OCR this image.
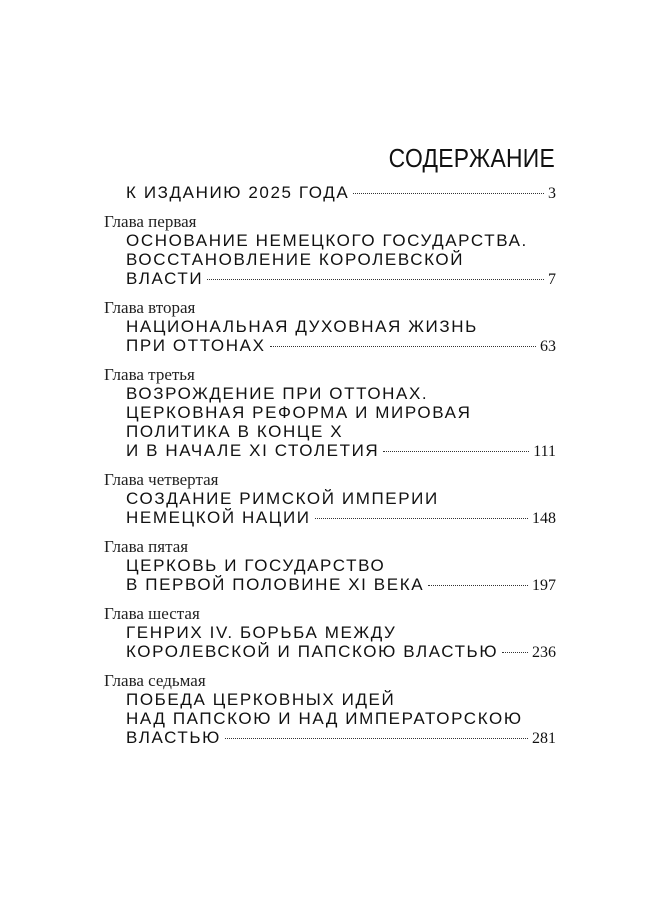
СОДЕРЖАНИЕ
К ИЗДАНИЮ 2025 ГОДА	3
Глава первая
ОСНОВАНИЕ НЕМЕЦКОГО ГОСУДАРСТВА.
ВОССТАНОВЛЕНИЕ КОРОЛЕВСКОЙ
ВЛАСТИ	7
Глава вторая
НАЦИОНАЛЬНАЯ ДУХОВНАЯ ЖИЗНЬ
ПРИ ОТТОНАХ	63
Глава третья
ВОЗРОЖДЕНИЕ ПРИ ОТТОНАХ.
ЦЕРКОВНАЯ РЕФОРМА И МИРОВАЯ
ПОЛИТИКА В КОНЦЕ X
И В НАЧАЛЕ XI СТОЛЕТИЯ	111
Глава четвертая
СОЗДАНИЕ РИМСКОЙ ИМПЕРИИ
НЕМЕЦКОЙ НАЦИИ	148
Глава пятая
ЦЕРКОВЬ И ГОСУДАРСТВО
В ПЕРВОЙ ПОЛОВИНЕ XI ВЕКА	197
Глава шестая
ГЕНРИХ IV. БОРЬБА МЕЖДУ
КОРОЛЕВСКОЙ И ПАПСКОЮ ВЛАСТЬЮ 236
Глава седьмая
ПОБЕДА ЦЕРКОВНЫХ ИДЕЙ
НАД ПАПСКОЮ И НАД ИМПЕРАТОРСКОЮ
ВЛАСТЬЮ	281
